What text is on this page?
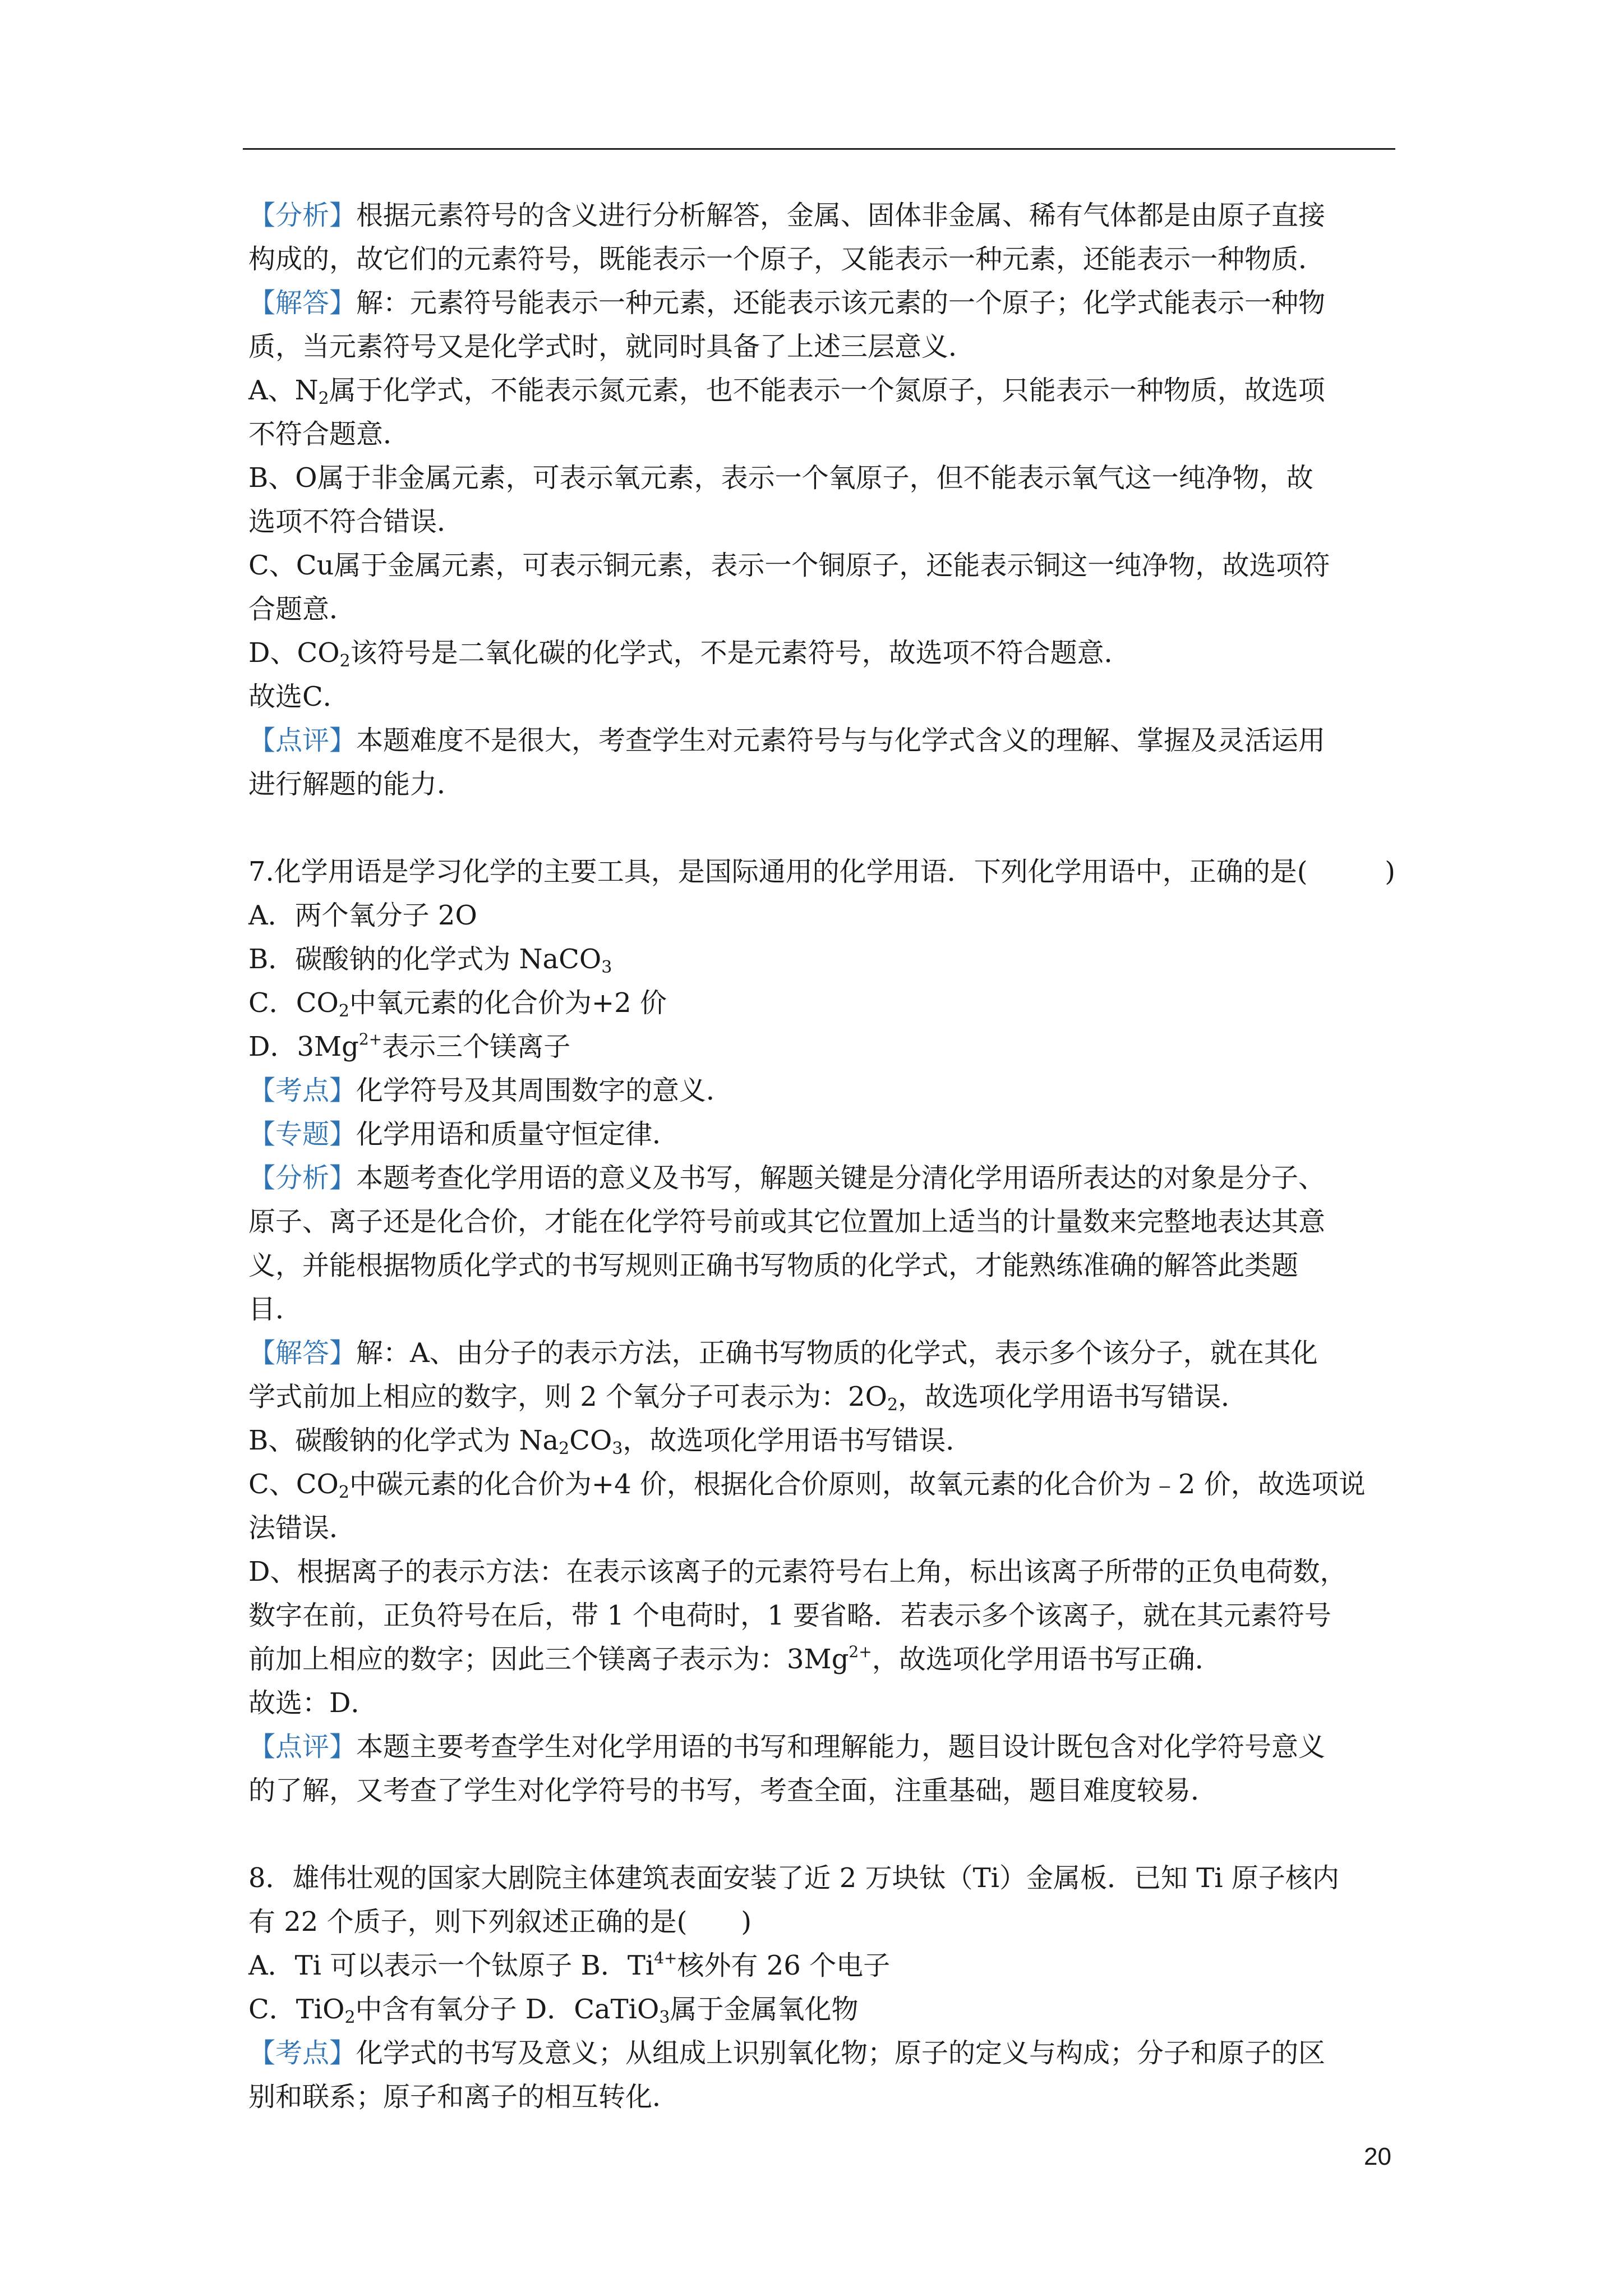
【分析】根据元素符号的含义进行分析解答，金属、固体非金属、稀有气体都是由原子直接
构成的，故它们的元素符号，既能表示一个原子，又能表示一种元素，还能表示一种物质．
【解答】解：元素符号能表示一种元素，还能表示该元素的一个原子；化学式能表示一种物
质，当元素符号又是化学式时，就同时具备了上述三层意义．
A、$N_2$属于化学式，不能表示氮元素，也不能表示一个氮原子，只能表示一种物质，故选项
不符合题意．
B、O属于非金属元素，可表示氧元素，表示一个氧原子，但不能表示氧气这一纯净物，故
选项不符合错误．
C、Cu属于金属元素，可表示铜元素，表示一个铜原子，还能表示铜这一纯净物，故选项符
合题意．
D、$CO_2$该符号是二氧化碳的化学式，不是元素符号，故选项不符合题意．
故选C．
【点评】本题难度不是很大，考查学生对元素符号与与化学式含义的理解、掌握及灵活运用
进行解题的能力．
7.化学用语是学习化学的主要工具，是国际通用的化学用语．下列化学用语中，正确的是(	)
A．两个氧分子 2O
B．碳酸钠的化学式为 NaCO$_3$
C．$CO_2$中氧元素的化合价为+2 价
D．$3Mg^{2+}$表示三个镁离子
【考点】化学符号及其周围数字的意义．
【专题】化学用语和质量守恒定律．
【分析】本题考查化学用语的意义及书写，解题关键是分清化学用语所表达的对象是分子、
原子、离子还是化合价，才能在化学符号前或其它位置加上适当的计量数来完整地表达其意
义，并能根据物质化学式的书写规则正确书写物质的化学式，才能熟练准确的解答此类题
目．
【解答】解：A、由分子的表示方法，正确书写物质的化学式，表示多个该分子，就在其化
学式前加上相应的数字，则 2 个氧分子可表示为：$2O_2$，故选项化学用语书写错误．
B、碳酸钠的化学式为 $Na_2CO_3$，故选项化学用语书写错误．
C、$CO_2$中碳元素的化合价为+4 价，根据化合价原则，故氧元素的化合价为﹣2 价，故选项说
法错误．
D、根据离子的表示方法：在表示该离子的元素符号右上角，标出该离子所带的正负电荷数，
数字在前，正负符号在后，带 1 个电荷时，1 要省略．若表示多个该离子，就在其元素符号
前加上相应的数字；因此三个镁离子表示为：$3Mg^{2+}$，故选项化学用语书写正确．
故选：D．
【点评】本题主要考查学生对化学用语的书写和理解能力，题目设计既包含对化学符号意义
的了解，又考查了学生对化学符号的书写，考查全面，注重基础，题目难度较易．
8．雄伟壮观的国家大剧院主体建筑表面安装了近 2 万块钛（Ti）金属板．已知 Ti 原子核内
有 22 个质子，则下列叙述正确的是(　　)
A．Ti 可以表示一个钛原子 B．$Ti^{4+}$核外有 26 个电子
C．TiO$_2$中含有氧分子 D．CaTiO$_3$属于金属氧化物
【考点】化学式的书写及意义；从组成上识别氧化物；原子的定义与构成；分子和原子的区
别和联系；原子和离子的相互转化．
20
